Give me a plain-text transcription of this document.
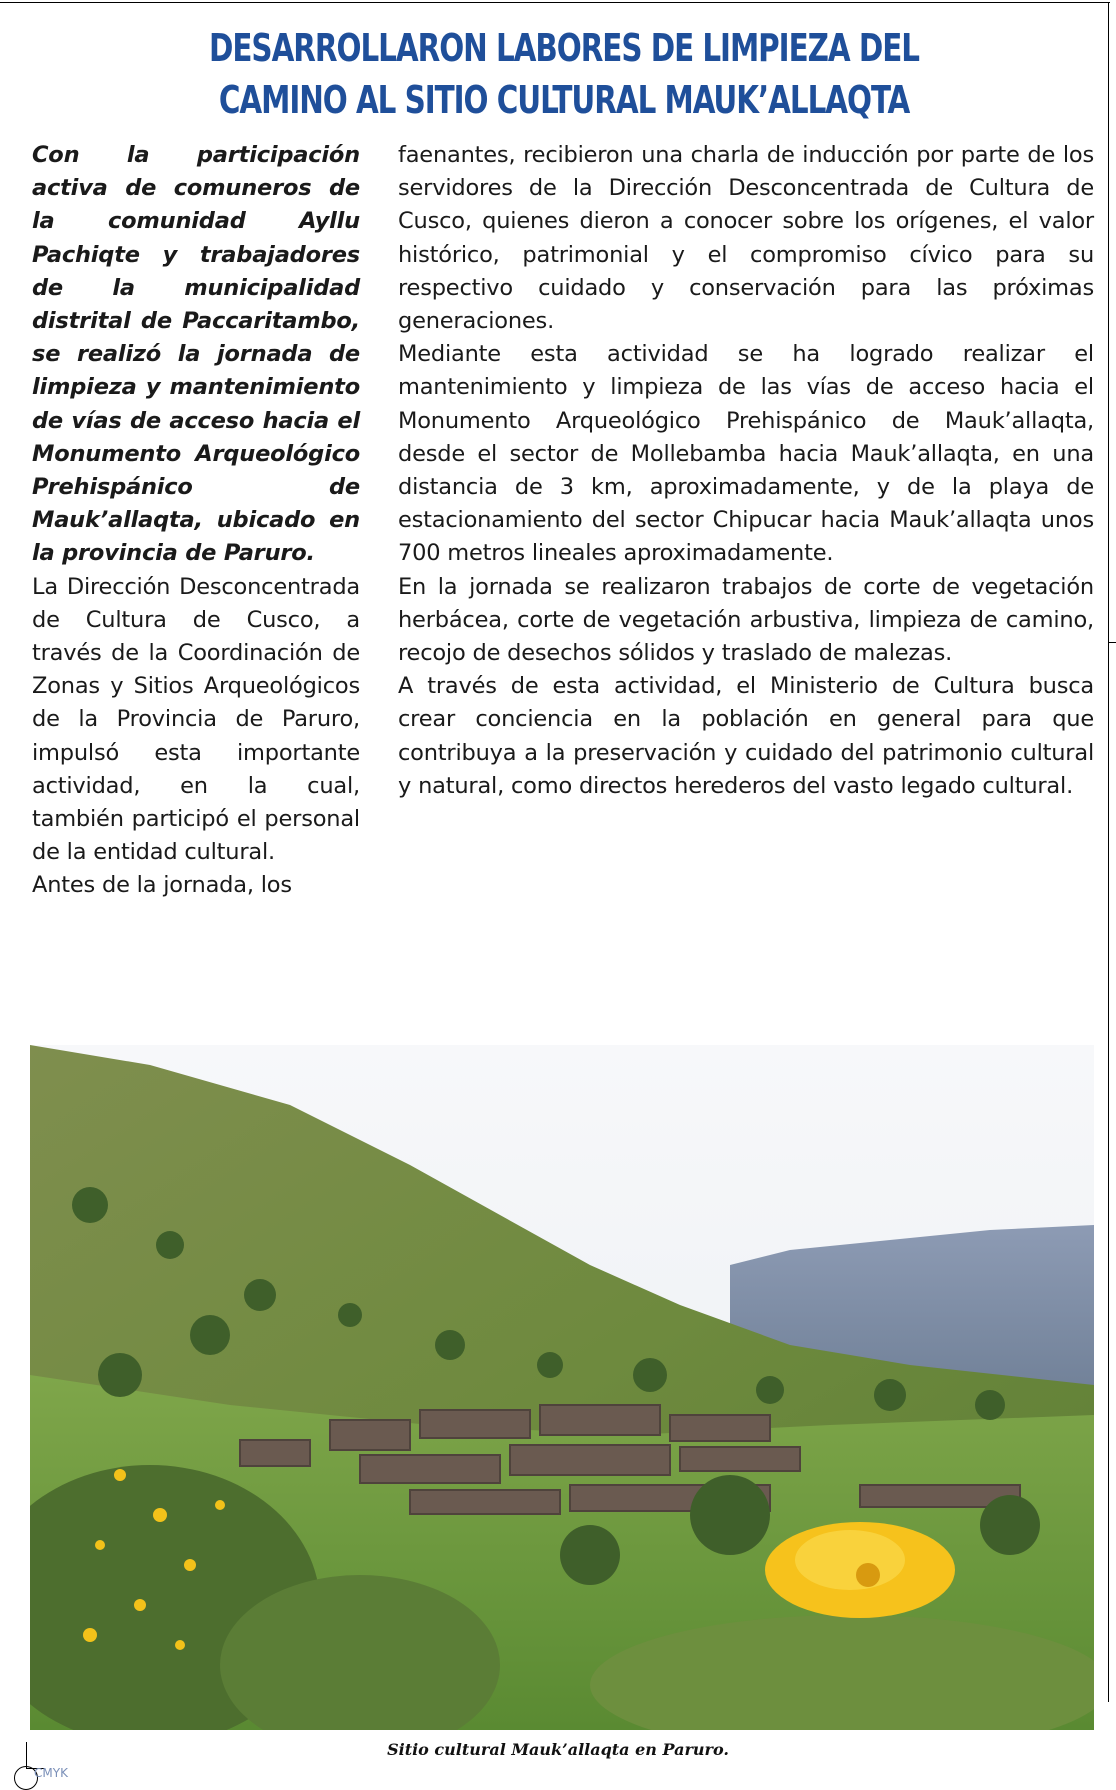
DESARROLLARON LABORES DE LIMPIEZA DEL
CAMINO AL SITIO CULTURAL MAUK’ALLAQTA

Con la participación activa de comuneros de la comunidad Ayllu Pachiqte y trabajadores de la municipalidad distrital de Paccaritambo, se realizó la jornada de limpieza y mantenimiento de vías de acceso hacia el Monumento Arqueológico Prehispánico de Mauk’allaqta, ubicado en la provincia de Paruro.

La Dirección Desconcentrada de Cultura de Cusco, a través de la Coordinación de Zonas y Sitios Arqueológicos de la Provincia de Paruro, impulsó esta importante actividad, en la cual, también participó el personal de la entidad cultural.

Antes de la jornada, los

faenantes, recibieron una charla de inducción por parte de los servidores de la Dirección Desconcentrada de Cultura de Cusco, quienes dieron a conocer sobre los orígenes, el valor histórico, patrimonial y el compromiso cívico para su respectivo cuidado y conservación para las próximas generaciones.

Mediante esta actividad se ha logrado realizar el mantenimiento y limpieza de las vías de acceso hacia el Monumento Arqueológico Prehispánico de Mauk’allaqta, desde el sector de Mollebamba hacia Mauk’allaqta, en una distancia de 3 km, aproximadamente, y de la playa de estacionamiento del sector Chipucar hacia Mauk’allaqta unos 700 metros lineales aproximadamente.

En la jornada se realizaron trabajos de corte de vegetación herbácea, corte de vegetación arbustiva, limpieza de camino, recojo de desechos sólidos y traslado de malezas.

A través de esta actividad, el Ministerio de Cultura busca crear conciencia en la población en general para que contribuya a la preservación y cuidado del patrimonio cultural y natural, como directos herederos del vasto legado cultural.

Sitio cultural Mauk’allaqta en Paruro.
CMYK
